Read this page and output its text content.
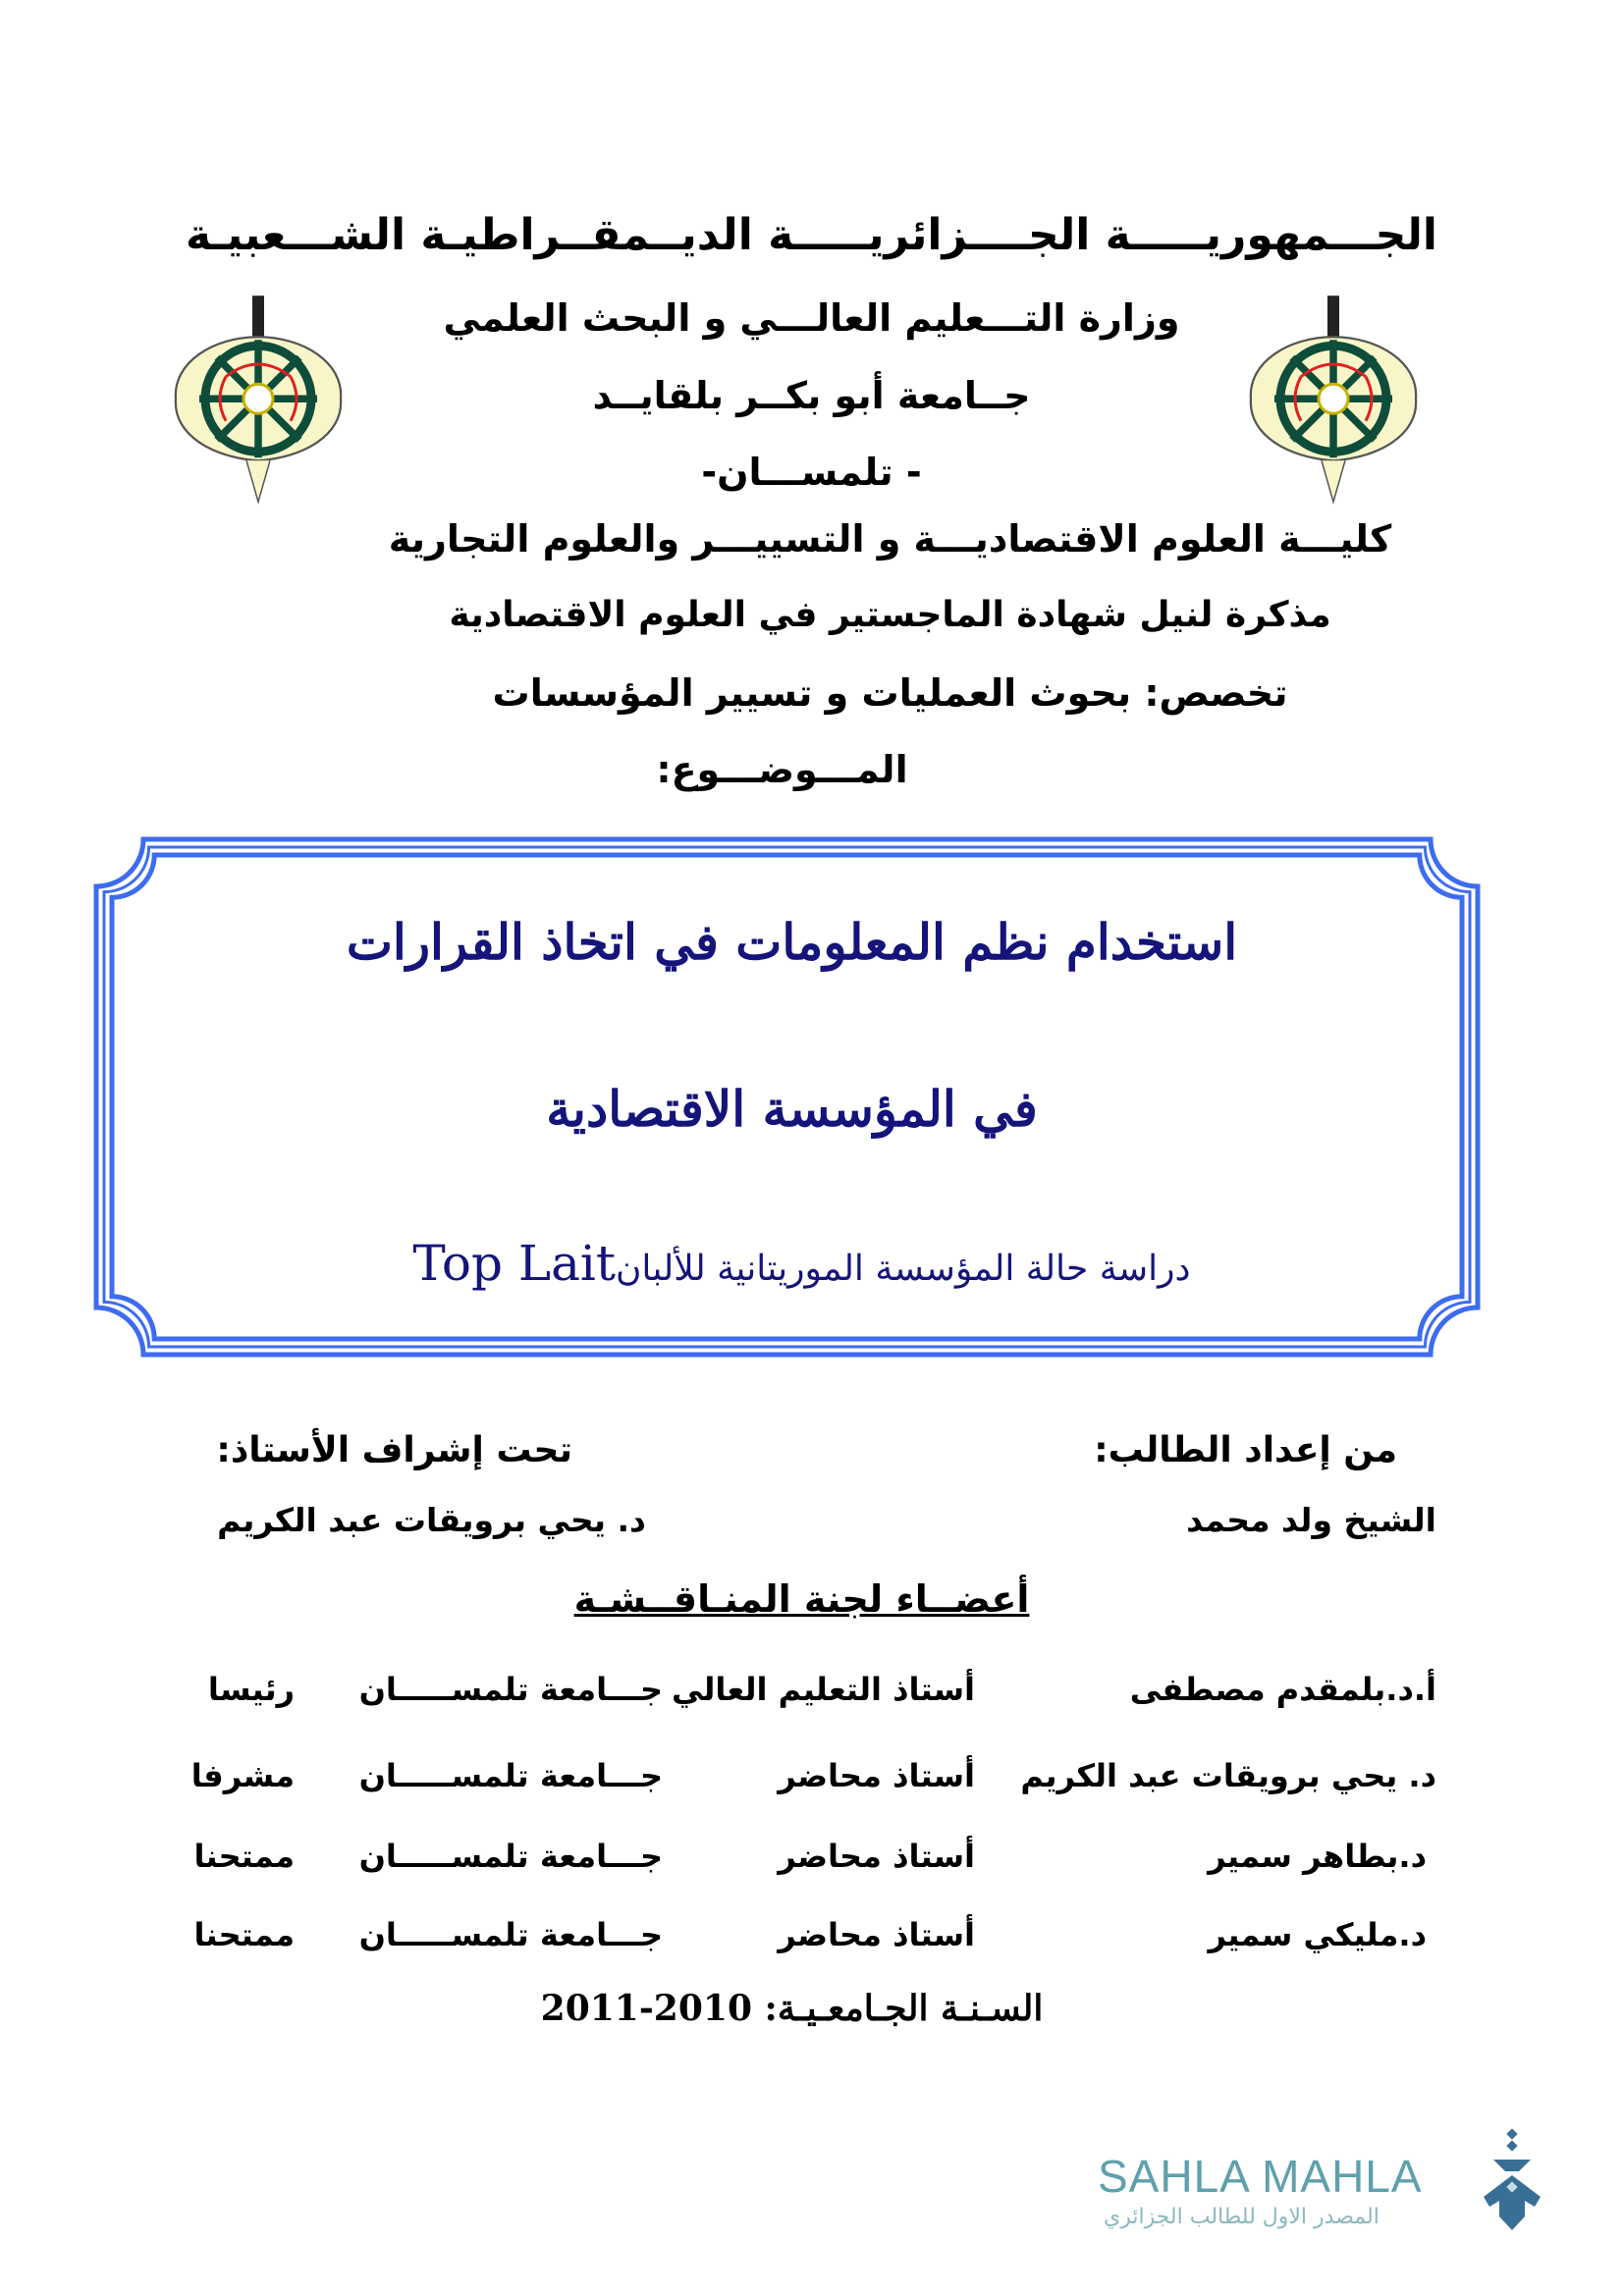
الجـــمهوريـــــة الجــــزائريـــــة الديــمقــراطيـة الشـــعبيـة
وزارة التـــعليم العالـــي و البحث العلمي
جــامعة أبو بكــر بلقايــد
- تلمســـان-
كليـــة العلوم الاقتصاديـــة و التسييـــر والعلوم التجارية
مذكرة لنيل شهادة الماجستير في العلوم الاقتصادية
تخصص: بحوث العمليات و تسيير المؤسسات
المـــوضـــوع:
استخدام نظم المعلومات في اتخاذ القرارات
في المؤسسة الاقتصادية
دراسة حالة المؤسسة الموريتانية للألبانTop Lait
من إعداد الطالب:
تحت إشراف الأستاذ:
الشيخ ولد محمد
د. يحي برويقات عبد الكريم
أعضــاء لجنة المنـاقــشـة
أ.د.بلمقدم مصطفى
أستاذ التعليم العالي
جـــامعة تلمســـــان
رئيسا
د. يحي برويقات عبد الكريم
أستاذ محاضر
جـــامعة تلمســـــان
مشرفا
د.بطاهر سمير
أستاذ محاضر
جـــامعة تلمســـــان
ممتحنا
د.مليكي سمير
أستاذ محاضر
جـــامعة تلمســـــان
ممتحنا
السـنـة الجـامعـيـة: 2010-2011
SAHLA MAHLA
المصدر الاول للطالب الجزائري
